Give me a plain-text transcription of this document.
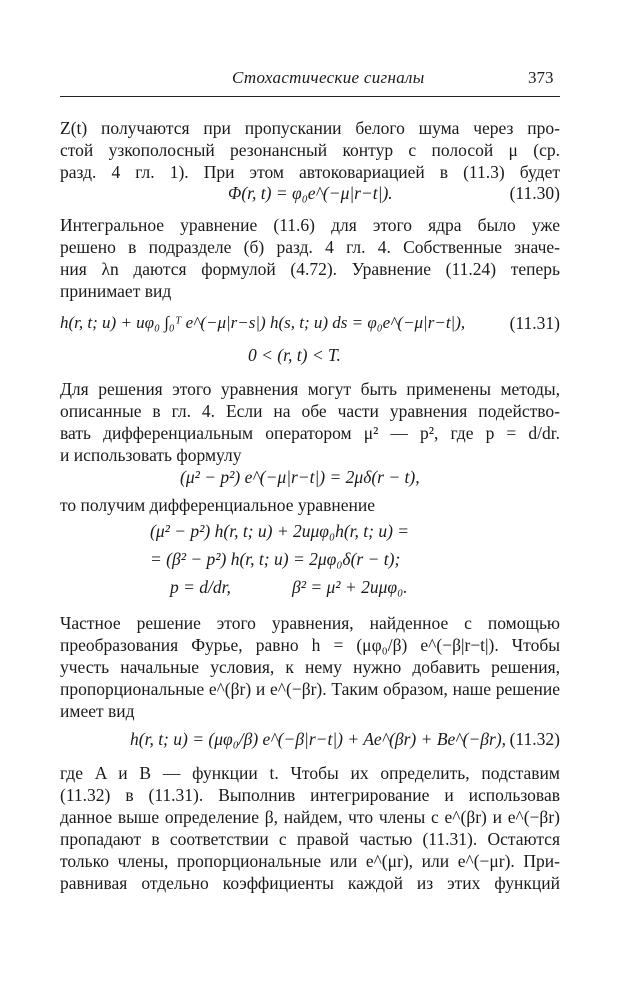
Стохастические сигналы	373
Z(t) получаются при пропускании белого шума через про-
стой узкополосный резонансный контур с полосой μ (ср.
разд. 4 гл. 1). При этом автоковариацией в (11.3) будет
Φ(r, t) = φ₀e^(−μ|r−t|).	(11.30)
Интегральное уравнение (11.6) для этого ядра было уже
решено в подразделе (б) разд. 4 гл. 4. Собственные значе-
ния λn даются формулой (4.72). Уравнение (11.24) теперь
принимает вид
h(r, t; u) + uφ₀ ∫₀ᵀ e^(−μ|r−s|) h(s, t; u) ds = φ₀e^(−μ|r−t|),	(11.31)
0 < (r, t) < T.
Для решения этого уравнения могут быть применены методы,
описанные в гл. 4. Если на обе части уравнения подейство-
вать дифференциальным оператором μ² — p², где p = d/dr.
и использовать формулу
(μ² − p²) e^(−μ|r−t|) = 2μδ(r − t),
то получим дифференциальное уравнение
(μ² − p²) h(r, t; u) + 2uμφ₀h(r, t; u) =
= (β² − p²) h(r, t; u) = 2μφ₀δ(r − t);
p = d/dr,	β² = μ² + 2uμφ₀.
Частное решение этого уравнения, найденное с помощью
преобразования Фурье, равно h = (μφ₀/β) e^(−β|r−t|). Чтобы
учесть начальные условия, к нему нужно добавить решения,
пропорциональные e^(βr) и e^(−βr). Таким образом, наше решение
имеет вид
h(r, t; u) = (μφ₀/β) e^(−β|r−t|) + Ae^(βr) + Be^(−βr), (11.32)
где A и B — функции t. Чтобы их определить, подставим
(11.32) в (11.31). Выполнив интегрирование и использовав
данное выше определение β, найдем, что члены с e^(βr) и e^(−βr)
пропадают в соответствии с правой частью (11.31). Остаются
только члены, пропорциональные или e^(μr), или e^(−μr). При-
равнивая отдельно коэффициенты каждой из этих функций
